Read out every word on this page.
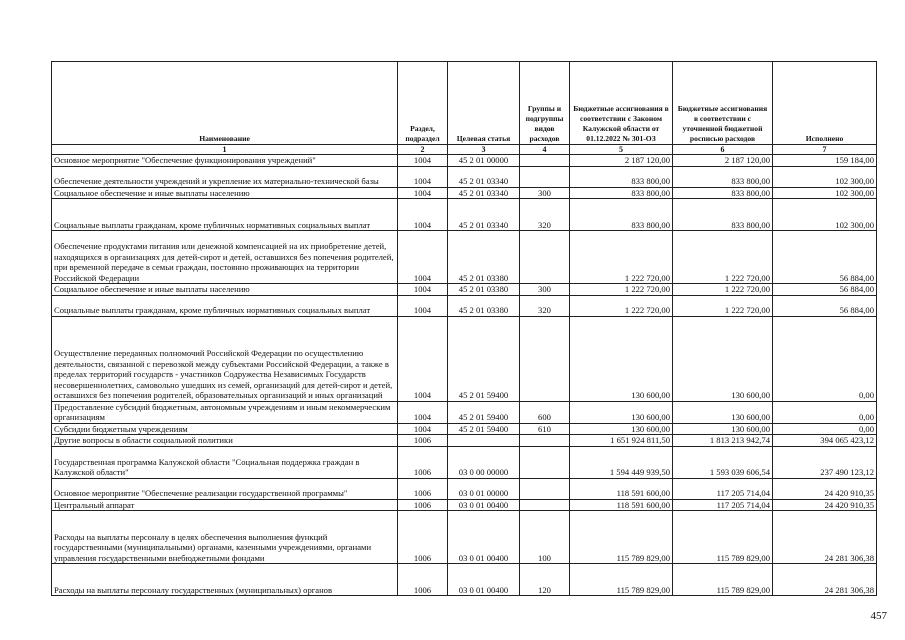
Наименование	Раздел, подраздел	Целевая статья	Группы и подгруппы видов расходов	Бюджетные ассигнования в соответствии с Законом Калужской области от 01.12.2022 № 301-ОЗ	Бюджетные ассигнования в соответствии с уточненной бюджетной росписью расходов	Исполнено
1	2	3	4	5	6	7
Основное мероприятие "Обеспечение функционирования учреждений"	1004	45 2 01 00000		2 187 120,00	2 187 120,00	159 184,00
Обеспечение деятельности учреждений и укрепление их материально-технической базы	1004	45 2 01 03340		833 800,00	833 800,00	102 300,00
Социальное обеспечение и иные выплаты населению	1004	45 2 01 03340	300	833 800,00	833 800,00	102 300,00
Социальные выплаты гражданам, кроме публичных нормативных социальных выплат	1004	45 2 01 03340	320	833 800,00	833 800,00	102 300,00
Обеспечение продуктами питания или денежной компенсацией на их приобретение детей, находящихся в организациях для детей-сирот и детей, оставшихся без попечения родителей, при временной передаче в семьи граждан, постоянно проживающих на территории Российской Федерации	1004	45 2 01 03380		1 222 720,00	1 222 720,00	56 884,00
Социальное обеспечение и иные выплаты населению	1004	45 2 01 03380	300	1 222 720,00	1 222 720,00	56 884,00
Социальные выплаты гражданам, кроме публичных нормативных социальных выплат	1004	45 2 01 03380	320	1 222 720,00	1 222 720,00	56 884,00
Осуществление переданных полномочий Российской Федерации по осуществлению деятельности, связанной с перевозкой между субъектами Российской Федерации, а также в пределах территорий государств - участников Содружества Независимых Государств несовершеннолетних, самовольно ушедших из семей, организаций для детей-сирот и детей, оставшихся без попечения родителей, образовательных организаций и иных организаций	1004	45 2 01 59400		130 600,00	130 600,00	0,00
Предоставление субсидий бюджетным, автономным учреждениям и иным некоммерческим организациям	1004	45 2 01 59400	600	130 600,00	130 600,00	0,00
Субсидии бюджетным учреждениям	1004	45 2 01 59400	610	130 600,00	130 600,00	0,00
Другие вопросы в области социальной политики	1006			1 651 924 811,50	1 813 213 942,74	394 065 423,12
Государственная программа Калужской области "Социальная поддержка граждан в Калужской области"	1006	03 0 00 00000		1 594 449 939,50	1 593 039 606,54	237 490 123,12
Основное мероприятие "Обеспечение реализации государственной программы"	1006	03 0 01 00000		118 591 600,00	117 205 714,04	24 420 910,35
Центральный аппарат	1006	03 0 01 00400		118 591 600,00	117 205 714,04	24 420 910,35
Расходы на выплаты персоналу в целях обеспечения выполнения функций государственными (муниципальными) органами, казенными учреждениями, органами управления государственными внебюджетными фондами	1006	03 0 01 00400	100	115 789 829,00	115 789 829,00	24 281 306,38
Расходы на выплаты персоналу государственных (муниципальных) органов	1006	03 0 01 00400	120	115 789 829,00	115 789 829,00	24 281 306,38
457
